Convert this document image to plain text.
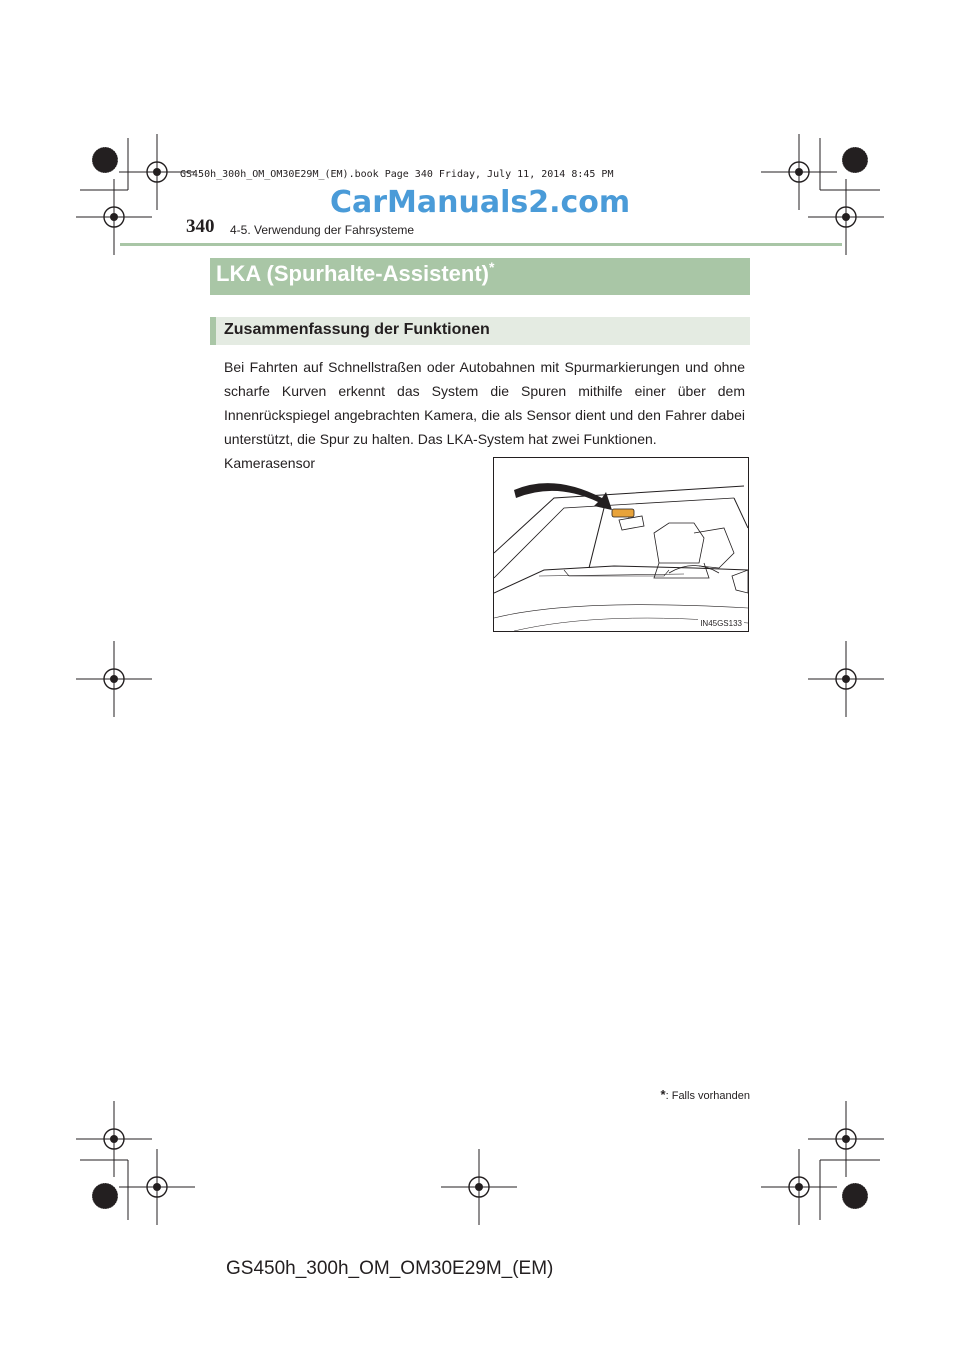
GS450h_300h_OM_OM30E29M_(EM).book Page 340 Friday, July 11, 2014 8:45 PM
CarManuals2.com
340 4-5. Verwendung der Fahrsysteme
LKA (Spurhalte-Assistent)*
Zusammenfassung der Funktionen
Bei Fahrten auf Schnellstraßen oder Autobahnen mit Spurmarkierungen und ohne scharfe Kurven erkennt das System die Spuren mithilfe einer über dem Innenrückspiegel angebrachten Kamera, die als Sensor dient und den Fahrer dabei unterstützt, die Spur zu halten. Das LKA-System hat zwei Funktionen.
Kamerasensor
IN45GS133
*: Falls vorhanden
GS450h_300h_OM_OM30E29M_(EM)
